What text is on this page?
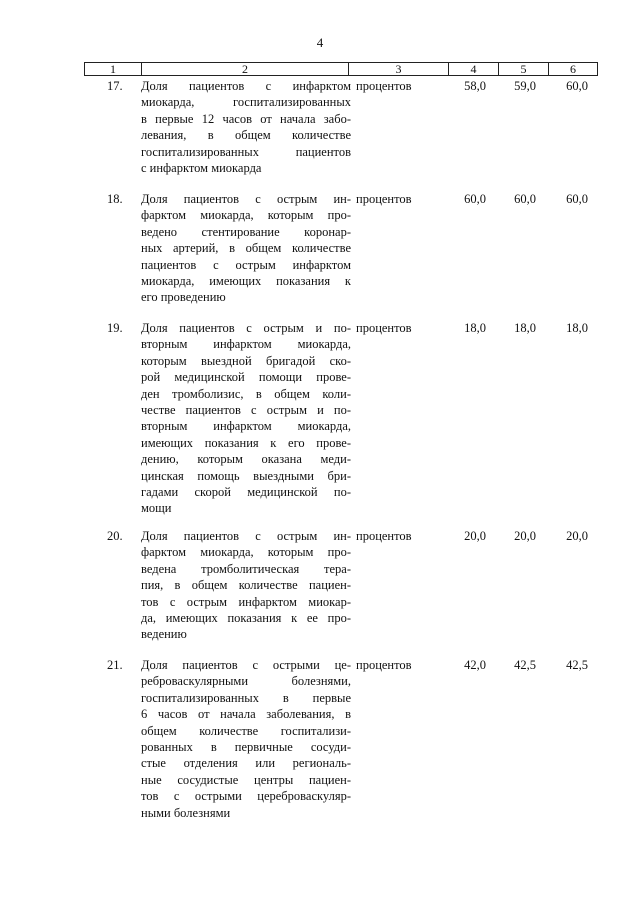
4
1	2	3	4	5	6
17.	Доля пациентов с инфарктом
миокарда, госпитализированных
в первые 12 часов от начала забо-
левания, в общем количестве
госпитализированных пациентов
с инфарктом миокарда
процентов	58,0	59,0	60,0
18.	Доля пациентов с острым ин-
фарктом миокарда, которым про-
ведено стентирование коронар-
ных артерий, в общем количестве
пациентов с острым инфарктом
миокарда, имеющих показания к
его проведению
процентов	60,0	60,0	60,0
19.	Доля пациентов с острым и по-
вторным инфарктом миокарда,
которым выездной бригадой ско-
рой медицинской помощи прове-
ден тромболизис, в общем коли-
честве пациентов с острым и по-
вторным инфарктом миокарда,
имеющих показания к его прове-
дению, которым оказана меди-
цинская помощь выездными бри-
гадами скорой медицинской по-
мощи
процентов	18,0	18,0	18,0
20.	Доля пациентов с острым ин-
фарктом миокарда, которым про-
ведена тромболитическая тера-
пия, в общем количестве пациен-
тов с острым инфарктом миокар-
да, имеющих показания к ее про-
ведению
процентов	20,0	20,0	20,0
21.	Доля пациентов с острыми це-
реброваскулярными болезнями,
госпитализированных в первые
6 часов от начала заболевания, в
общем количестве госпитализи-
рованных в первичные сосуди-
стые отделения или региональ-
ные сосудистые центры пациен-
тов с острыми цереброваскуляр-
ными болезнями
процентов	42,0	42,5	42,5
